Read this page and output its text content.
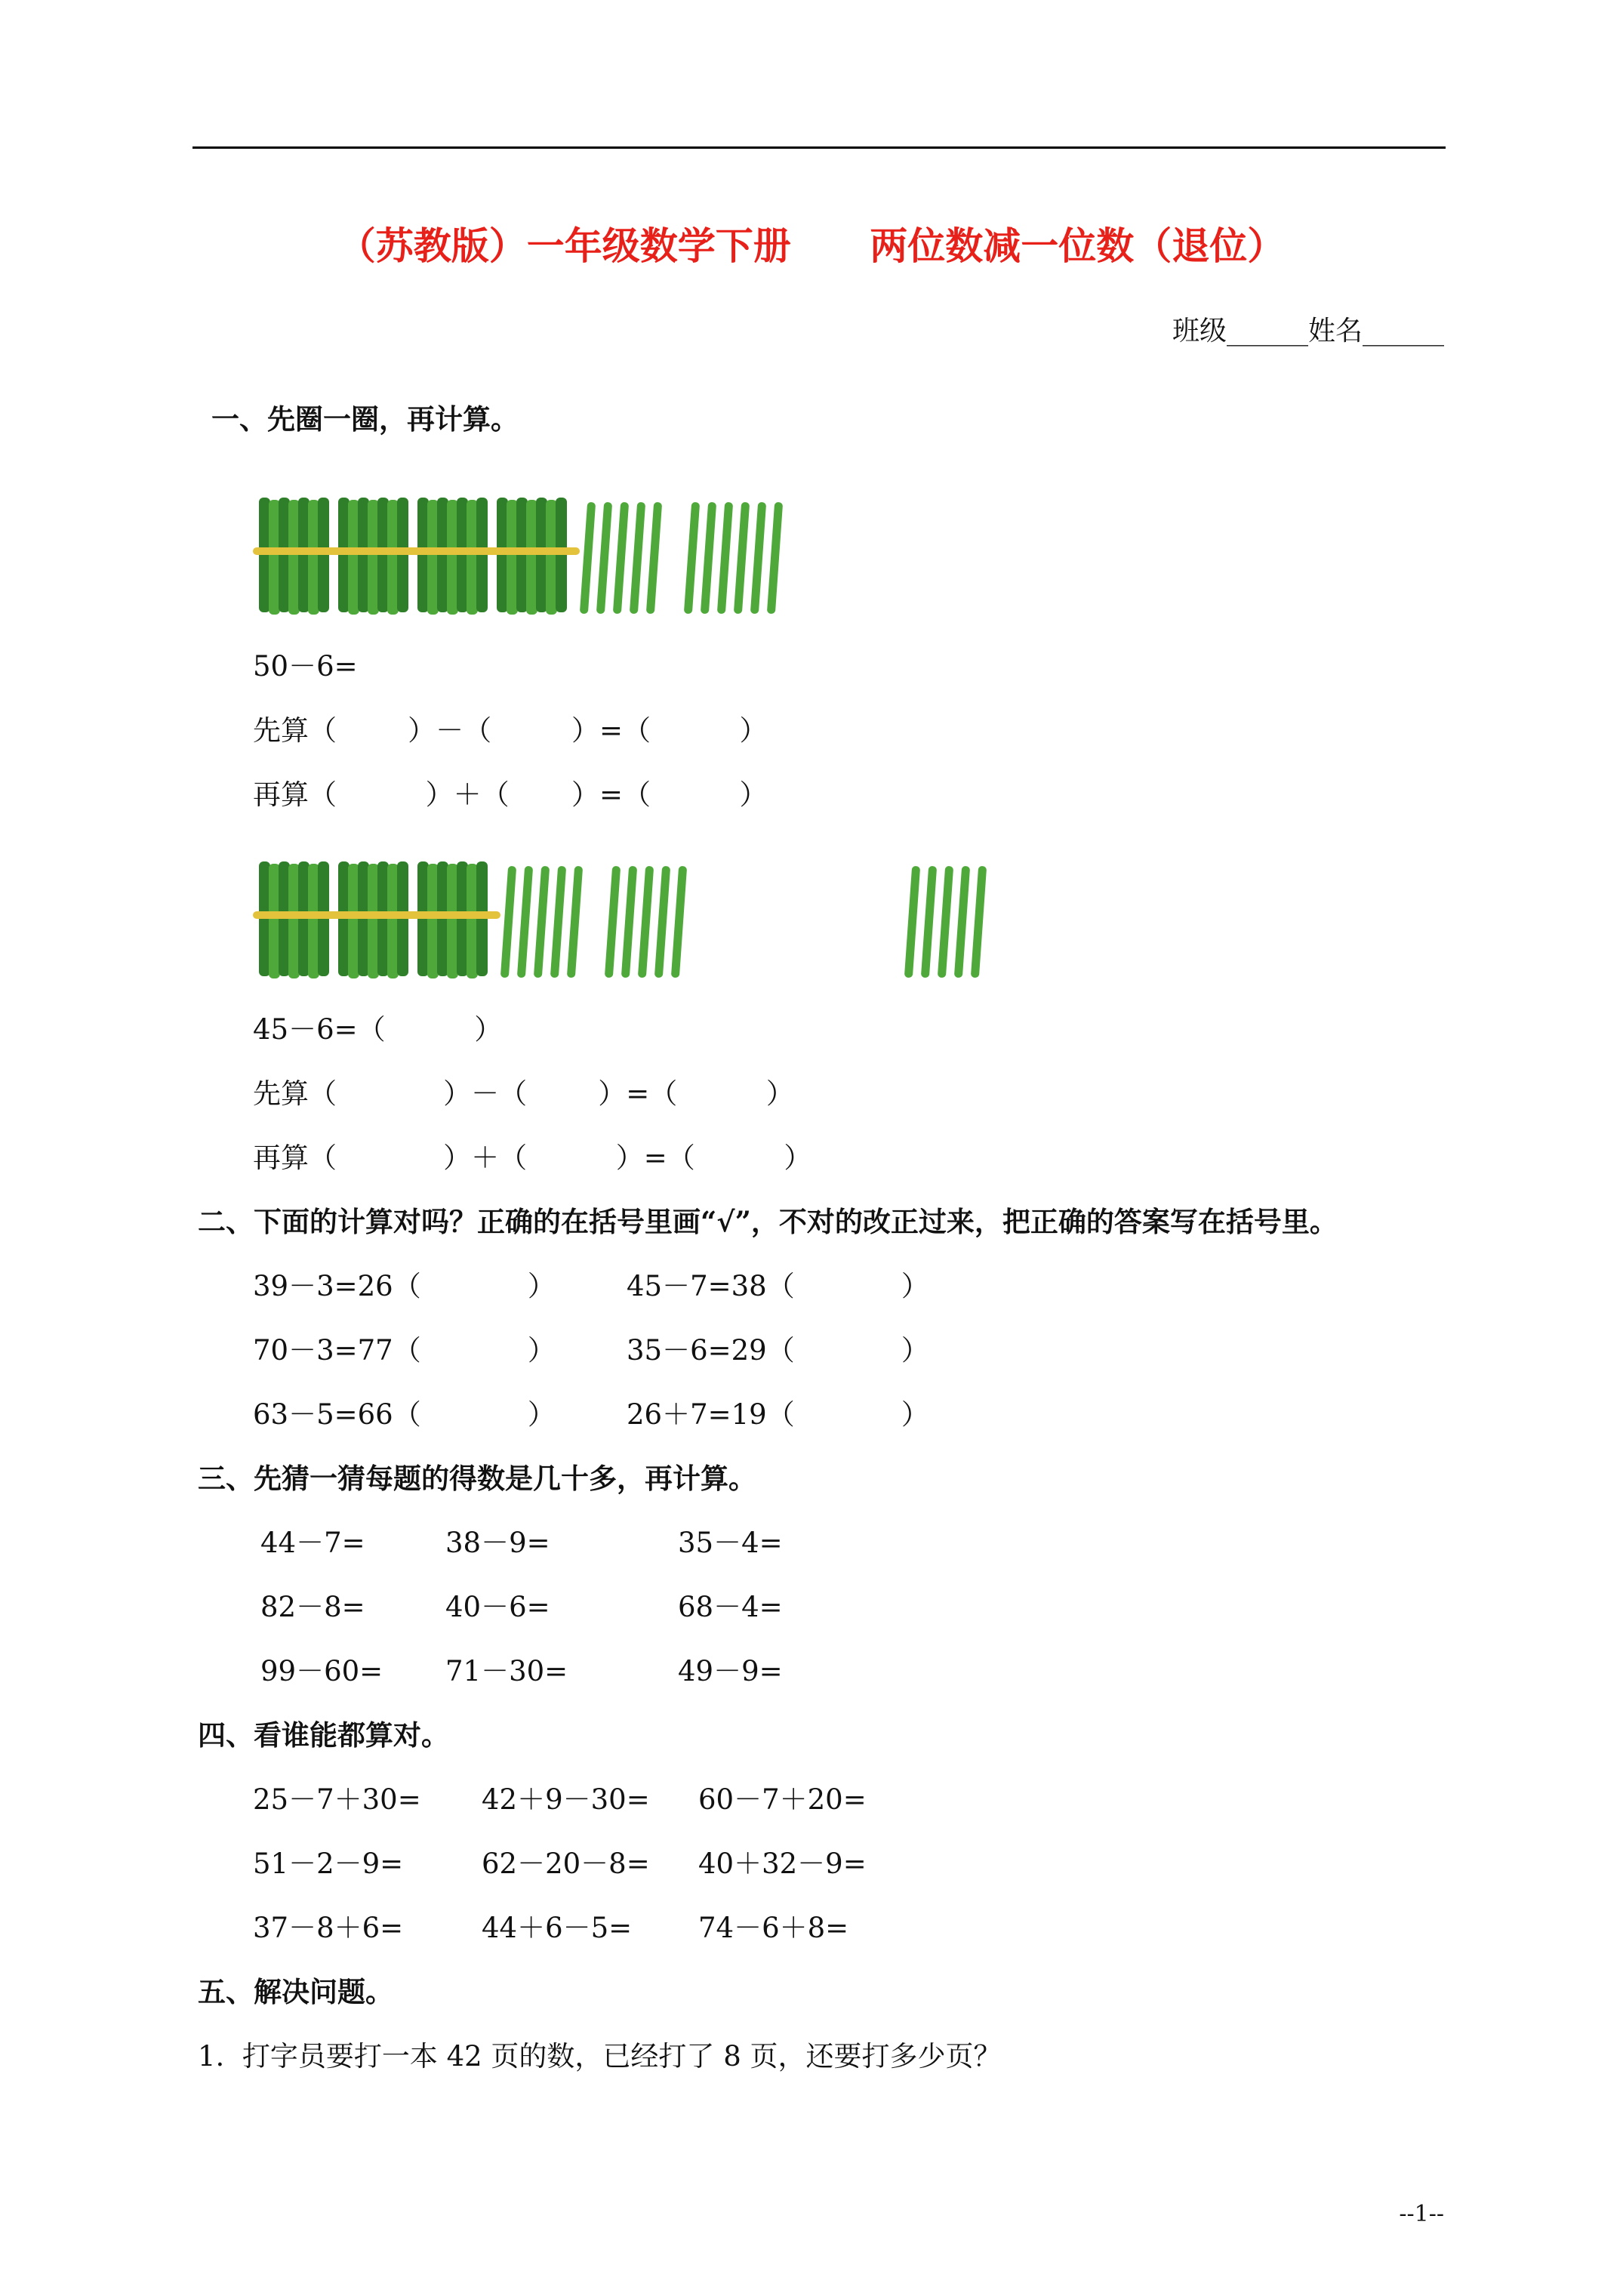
（苏教版）一年级数学下册      两位数减一位数（退位）
班级______姓名______
一、先圈一圈，再计算。
50－6=
先算（        ）－（         ）=（          ）
再算（          ）＋（       ）=（          ）
45－6=（          ）
先算（            ）－（        ）=（          ）
再算（            ）＋（          ）=（          ）
二、下面的计算对吗？正确的在括号里画“√”，不对的改正过来，把正确的答案写在括号里。
39－3=26（            ）	45－7=38（            ）
70－3=77（            ）	35－6=29（            ）
63－5=66（            ）	26＋7=19（            ）
三、先猜一猜每题的得数是几十多，再计算。
44－7=	38－9=	35－4=
82－8=	40－6=	68－4=
99－60= 71－30=	49－9=
四、看谁能都算对。
25－7＋30= 42＋9－30= 60－7＋20=
51－2－9=	62－20－8= 40＋32－9=
37－8＋6=	44＋6－5= 74－6＋8=
五、解决问题。
1.  打字员要打一本 42 页的数，已经打了 8 页，还要打多少页？
--1--
